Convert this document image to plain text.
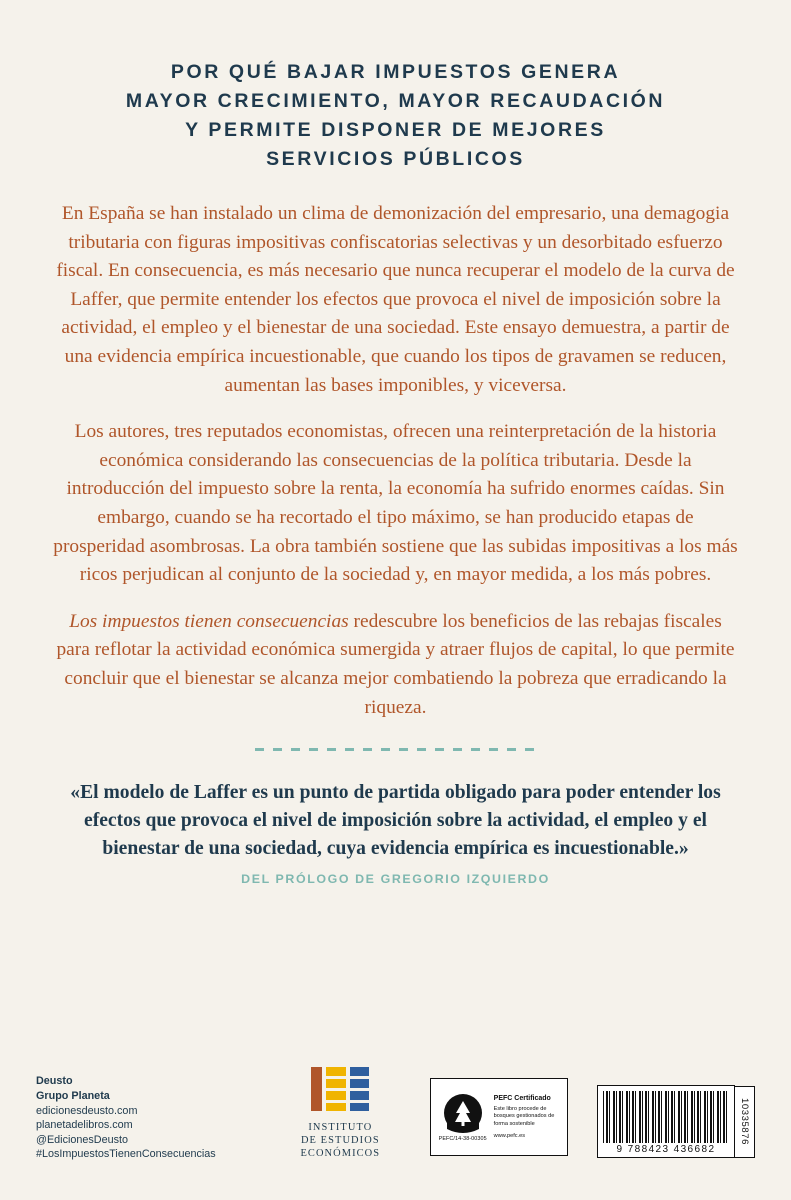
POR QUÉ BAJAR IMPUESTOS GENERA
MAYOR CRECIMIENTO, MAYOR RECAUDACIÓN
Y PERMITE DISPONER DE MEJORES
SERVICIOS PÚBLICOS

En España se han instalado un clima de demonización del empresario, una demagogia tributaria con figuras impositivas confiscatorias selectivas y un desorbitado esfuerzo fiscal. En consecuencia, es más necesario que nunca recuperar el modelo de la curva de Laffer, que permite entender los efectos que provoca el nivel de imposición sobre la actividad, el empleo y el bienestar de una sociedad. Este ensayo demuestra, a partir de una evidencia empírica incuestionable, que cuando los tipos de gravamen se reducen, aumentan las bases imponibles, y viceversa.

Los autores, tres reputados economistas, ofrecen una reinterpretación de la historia económica considerando las consecuencias de la política tributaria. Desde la introducción del impuesto sobre la renta, la economía ha sufrido enormes caídas. Sin embargo, cuando se ha recortado el tipo máximo, se han producido etapas de prosperidad asombrosas. La obra también sostiene que las subidas impositivas a los más ricos perjudican al conjunto de la sociedad y, en mayor medida, a los más pobres.

Los impuestos tienen consecuencias redescubre los beneficios de las rebajas fiscales para reflotar la actividad económica sumergida y atraer flujos de capital, lo que permite concluir que el bienestar se alcanza mejor combatiendo la pobreza que erradicando la riqueza.

«El modelo de Laffer es un punto de partida obligado para poder entender los efectos que provoca el nivel de imposición sobre la actividad, el empleo y el bienestar de una sociedad, cuya evidencia empírica es incuestionable.»
DEL PRÓLOGO DE GREGORIO IZQUIERDO
Deusto
Grupo Planeta
edicionesdeusto.com
planetadelibros.com
@EdicionesDeusto
#LosImpuestosTienenConsecuencias
INSTITUTO
DE ESTUDIOS
ECONÓMICOS
PEFC/14-38-00305
PEFC Certificado
Este libro procede de bosques gestionados de forma sostenible
www.pefc.es
9 788423 436682
10335876
